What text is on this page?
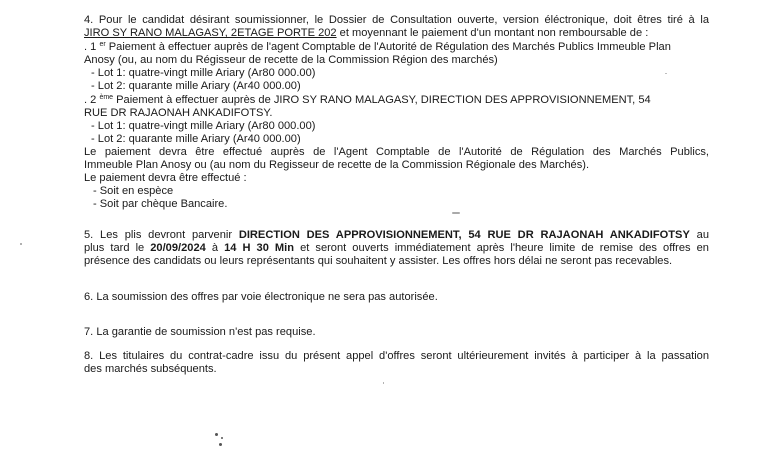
4. Pour le candidat désirant soumissionner, le Dossier de Consultation ouverte, version éléctronique, doit êtres tiré à la
JIRO SY RANO MALAGASY, 2ETAGE PORTE 202 et moyennant le paiement d'un montant non remboursable de :
. 1 $^{er}$ Paiement à effectuer auprès de l'agent Comptable de l'Autorité de Régulation des Marchés Publics Immeuble Plan
Anosy (ou, au nom du Régisseur de recette de la Commission Région des marchés)
- Lot 1: quatre-vingt mille Ariary (Ar80 000.00)
- Lot 2: quarante mille Ariary (Ar40 000.00)
. 2 $^{ème}$ Paiement à effectuer auprès de JIRO SY RANO MALAGASY, DIRECTION DES APPROVISIONNEMENT, 54
RUE DR RAJAONAH ANKADIFOTSY.
- Lot 1: quatre-vingt mille Ariary (Ar80 000.00)
- Lot 2: quarante mille Ariary (Ar40 000.00)
Le paiement devra être effectué auprès de l'Agent Comptable de l'Autorité de Régulation des Marchés Publics,
Immeuble Plan Anosy ou (au nom du Regisseur de recette de la Commission Régionale des Marchés).
Le paiement devra être effectué :
- Soit en espèce
- Soit par chèque Bancaire.
5. Les plis devront parvenir DIRECTION DES APPROVISIONNEMENT, 54 RUE DR RAJAONAH ANKADIFOTSY au
plus tard le 20/09/2024 à 14 H 30 Min et seront ouverts immédiatement après l'heure limite de remise des offres en
présence des candidats ou leurs représentants qui souhaitent y assister. Les offres hors délai ne seront pas recevables.
6. La soumission des offres par voie électronique ne sera pas autorisée.
7. La garantie de soumission n'est pas requise.
8. Les titulaires du contrat-cadre issu du présent appel d'offres seront ultérieurement invités à participer à la passation
des marchés subséquents.
